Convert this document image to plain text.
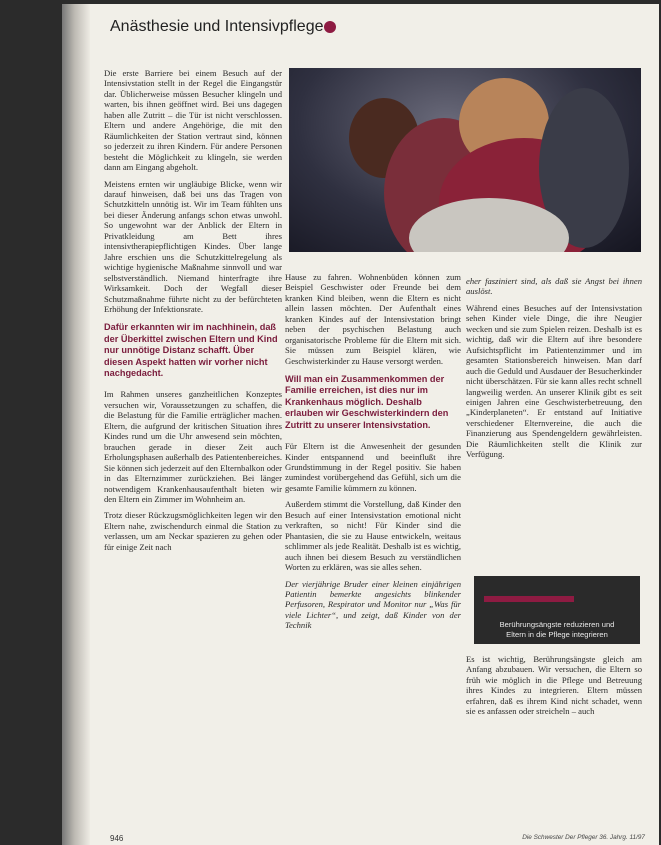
Anästhesie und Intensivpflege

Die erste Barriere bei einem Besuch auf der Intensivstation stellt in der Regel die Eingangstür dar. Üblicherweise müssen Besucher klingeln und warten, bis ihnen geöffnet wird. Bei uns dagegen haben alle Zutritt – die Tür ist nicht verschlossen. Eltern und andere Angehörige, die mit den Räumlichkeiten der Station vertraut sind, können so jederzeit zu ihren Kindern. Für andere Personen besteht die Möglichkeit zu klingeln, sie werden dann am Eingang abgeholt.

Meistens ernten wir ungläubige Blicke, wenn wir darauf hinweisen, daß bei uns das Tragen von Schutzkitteln unnötig ist. Wir im Team fühlten uns bei dieser Änderung anfangs schon etwas unwohl. So ungewohnt war der Anblick der Eltern in Privatkleidung am Bett ihres intensivtherapiepflichtigen Kindes. Über lange Jahre erschien uns die Schutzkittelregelung als wichtige hygienische Maßnahme sinnvoll und war selbstverständlich. Niemand hinterfragte ihre Wirksamkeit. Doch der Wegfall dieser Schutzmaßnahme führte nicht zu der befürchteten Erhöhung der Infektionsrate.

Dafür erkannten wir im nachhinein, daß der Überkittel zwischen Eltern und Kind nur unnötige Distanz schafft. Über diesen Aspekt hatten wir vorher nicht nachgedacht.

Im Rahmen unseres ganzheitlichen Konzeptes versuchen wir, Voraussetzungen zu schaffen, die die Belastung für die Familie erträglicher machen. Eltern, die aufgrund der kritischen Situation ihres Kindes rund um die Uhr anwesend sein möchten, brauchen gerade in dieser Zeit auch Erholungsphasen außerhalb des Patientenbereiches. Sie können sich jederzeit auf den Elternbalkon oder in das Elternzimmer zurückziehen. Bei länger notwendigem Krankenhausaufenthalt bieten wir den Eltern ein Zimmer im Wohnheim an.

Trotz dieser Rückzugsmöglichkeiten legen wir den Eltern nahe, zwischendurch einmal die Station zu verlassen, um am Neckar spazieren zu gehen oder für einige Zeit nach

Hause zu fahren. Wohnenbüden können zum Beispiel Geschwister oder Freunde bei dem kranken Kind bleiben, wenn die Eltern es nicht allein lassen möchten. Der Aufenthalt eines kranken Kindes auf der Intensivstation bringt neben der psychischen Belastung auch organisatorische Probleme für die Eltern mit sich. Sie müssen zum Beispiel klären, wie Geschwisterkinder zu Hause versorgt werden.

Will man ein Zusammenkommen der Familie erreichen, ist dies nur im Krankenhaus möglich. Deshalb erlauben wir Geschwisterkindern den Zutritt zu unserer Intensivstation.

Für Eltern ist die Anwesenheit der gesunden Kinder entspannend und beeinflußt ihre Grundstimmung in der Regel positiv. Sie haben zumindest vorübergehend das Gefühl, sich um die gesamte Familie kümmern zu können.

Außerdem stimmt die Vorstellung, daß Kinder den Besuch auf einer Intensivstation emotional nicht verkraften, so nicht! Für Kinder sind die Phantasien, die sie zu Hause entwickeln, weitaus schlimmer als jede Realität. Deshalb ist es wichtig, auch ihnen bei diesem Besuch zu verständlichen Worten zu erklären, was sie alles sehen.

Der vierjährige Bruder einer kleinen einjährigen Patientin bemerkte angesichts blinkender Perfusoren, Respirator und Monitor nur „Was für viele Lichter“, und zeigt, daß Kinder von der Technik

eher fasziniert sind, als daß sie Angst bei ihnen auslöst.

Während eines Besuches auf der Intensivstation sehen Kinder viele Dinge, die ihre Neugier wecken und sie zum Spielen reizen. Deshalb ist es wichtig, daß wir die Eltern auf ihre besondere Aufsichtspflicht im Patientenzimmer und im gesamten Stationsbereich hinweisen. Man darf auch die Geduld und Ausdauer der Besucherkinder nicht überschätzen. Für sie kann alles recht schnell langweilig werden. An unserer Klinik gibt es seit einigen Jahren eine Geschwisterbetreuung, den „Kinderplaneten“. Er entstand auf Initiative verschiedener Elternvereine, die auch die Finanzierung aus Spendengeldern gewährleisten. Die Räumlichkeiten stellt die Klinik zur Verfügung.

Berührungsängste reduzieren und
Eltern in die Pflege integrieren

Es ist wichtig, Berührungsängste gleich am Anfang abzubauen. Wir versuchen, die Eltern so früh wie möglich in die Pflege und Betreuung ihres Kindes zu integrieren. Eltern müssen erfahren, daß es ihrem Kind nicht schadet, wenn sie es anfassen oder streicheln – auch

946	Die Schwester Der Pfleger 36. Jahrg. 11/97
